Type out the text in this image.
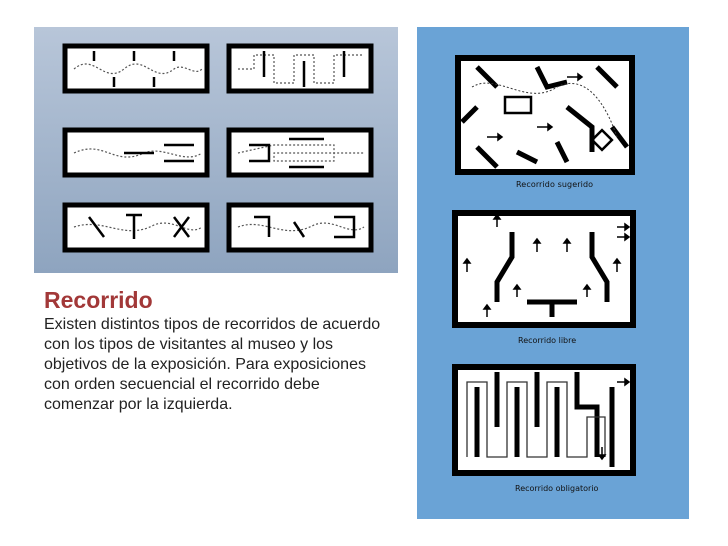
Recorrido

Existen distintos tipos de recorridos de acuerdo con los tipos de visitantes al museo y los objetivos de la exposición. Para exposiciones con orden secuencial el recorrido debe comenzar por la izquierda.

Recorrido sugerido
Recorrido libre
Recorrido obligatorio
